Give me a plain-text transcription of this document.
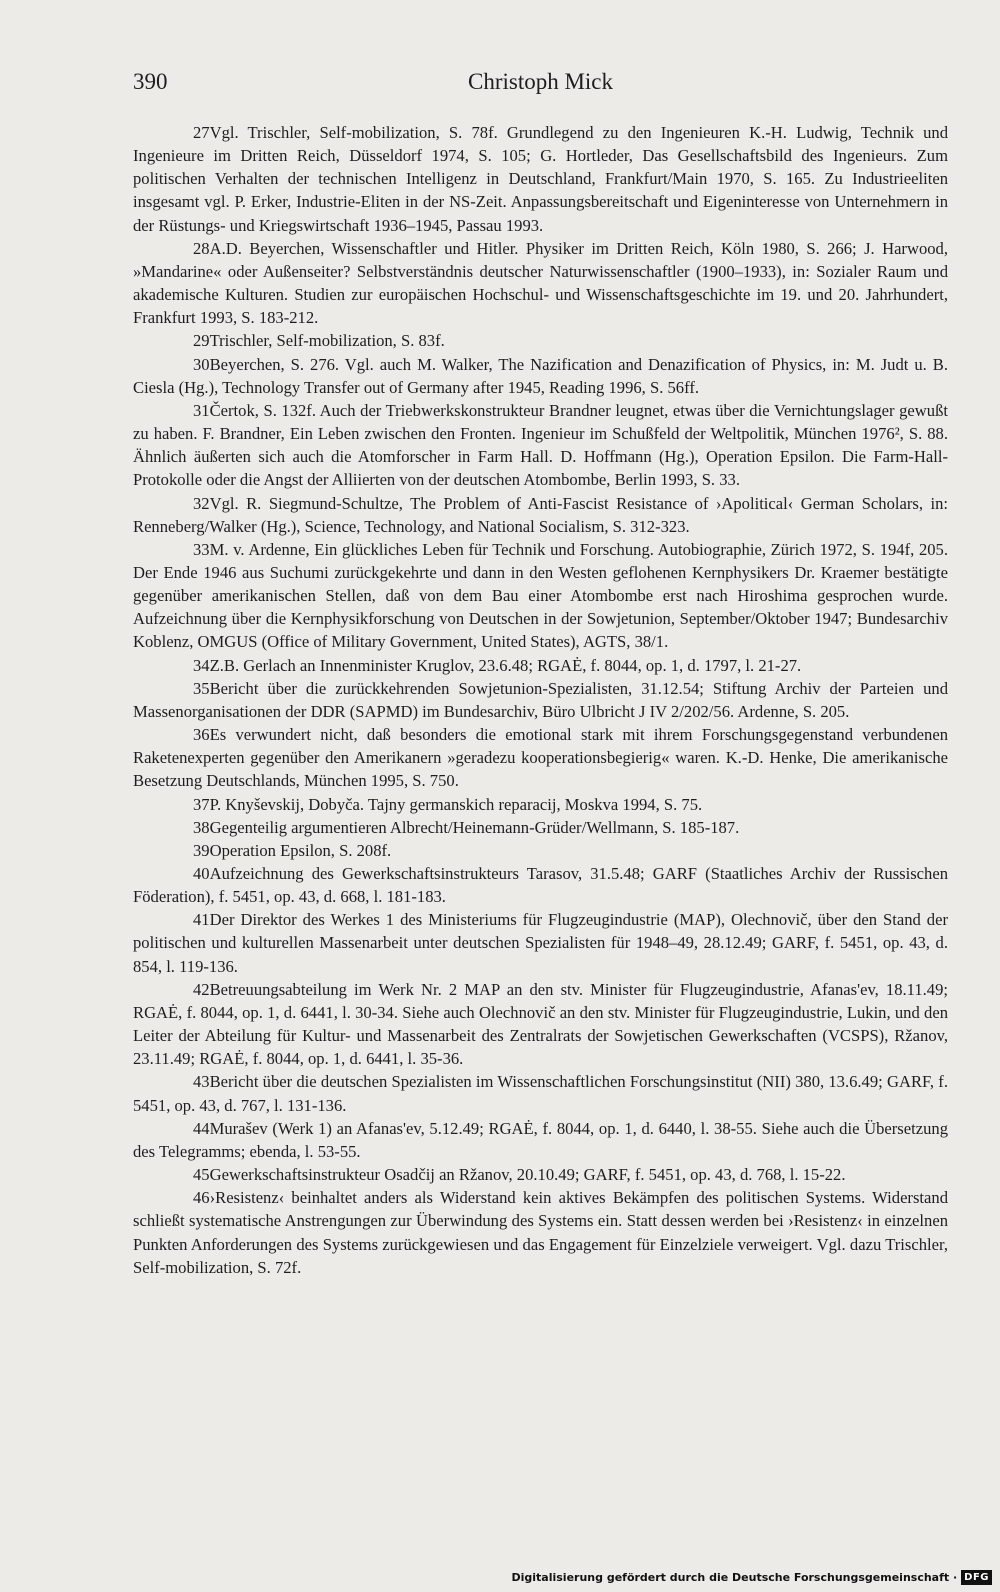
390	Christoph Mick

27Vgl. Trischler, Self-mobilization, S. 78f. Grundlegend zu den Ingenieuren K.-H. Ludwig, Technik und Ingenieure im Dritten Reich, Düsseldorf 1974, S. 105; G. Hortleder, Das Gesellschaftsbild des Ingenieurs. Zum politischen Verhalten der technischen Intelligenz in Deutschland, Frankfurt/Main 1970, S. 165. Zu Industrieeliten insgesamt vgl. P. Erker, Industrie-Eliten in der NS-Zeit. Anpassungsbereitschaft und Eigeninteresse von Unternehmern in der Rüstungs- und Kriegswirtschaft 1936–1945, Passau 1993.

28A.D. Beyerchen, Wissenschaftler und Hitler. Physiker im Dritten Reich, Köln 1980, S. 266; J. Harwood, »Mandarine« oder Außenseiter? Selbstverständnis deutscher Naturwissenschaftler (1900–1933), in: Sozialer Raum und akademische Kulturen. Studien zur europäischen Hochschul- und Wissenschaftsgeschichte im 19. und 20. Jahrhundert, Frankfurt 1993, S. 183-212.

29Trischler, Self-mobilization, S. 83f.

30Beyerchen, S. 276. Vgl. auch M. Walker, The Nazification and Denazification of Physics, in: M. Judt u. B. Ciesla (Hg.), Technology Transfer out of Germany after 1945, Reading 1996, S. 56ff.

31Čertok, S. 132f. Auch der Triebwerkskonstrukteur Brandner leugnet, etwas über die Vernichtungslager gewußt zu haben. F. Brandner, Ein Leben zwischen den Fronten. Ingenieur im Schußfeld der Weltpolitik, München 1976², S. 88. Ähnlich äußerten sich auch die Atomforscher in Farm Hall. D. Hoffmann (Hg.), Operation Epsilon. Die Farm-Hall-Protokolle oder die Angst der Alliierten von der deutschen Atombombe, Berlin 1993, S. 33.

32Vgl. R. Siegmund-Schultze, The Problem of Anti-Fascist Resistance of ›Apolitical‹ German Scholars, in: Renneberg/Walker (Hg.), Science, Technology, and National Socialism, S. 312-323.

33M. v. Ardenne, Ein glückliches Leben für Technik und Forschung. Autobiographie, Zürich 1972, S. 194f, 205. Der Ende 1946 aus Suchumi zurückgekehrte und dann in den Westen geflohenen Kernphysikers Dr. Kraemer bestätigte gegenüber amerikanischen Stellen, daß von dem Bau einer Atombombe erst nach Hiroshima gesprochen wurde. Aufzeichnung über die Kernphysikforschung von Deutschen in der Sowjetunion, September/Oktober 1947; Bundesarchiv Koblenz, OMGUS (Office of Military Government, United States), AGTS, 38/1.

34Z.B. Gerlach an Innenminister Kruglov, 23.6.48; RGAĖ, f. 8044, op. 1, d. 1797, l. 21-27.

35Bericht über die zurückkehrenden Sowjetunion-Spezialisten, 31.12.54; Stiftung Archiv der Parteien und Massenorganisationen der DDR (SAPMD) im Bundesarchiv, Büro Ulbricht J IV 2/202/56. Ardenne, S. 205.

36Es verwundert nicht, daß besonders die emotional stark mit ihrem Forschungsgegenstand verbundenen Raketenexperten gegenüber den Amerikanern »geradezu kooperationsbegierig« waren. K.-D. Henke, Die amerikanische Besetzung Deutschlands, München 1995, S. 750.

37P. Knyševskij, Dobyča. Tajny germanskich reparacij, Moskva 1994, S. 75.

38Gegenteilig argumentieren Albrecht/Heinemann-Grüder/Wellmann, S. 185-187.

39Operation Epsilon, S. 208f.

40Aufzeichnung des Gewerkschaftsinstrukteurs Tarasov, 31.5.48; GARF (Staatliches Archiv der Russischen Föderation), f. 5451, op. 43, d. 668, l. 181-183.

41Der Direktor des Werkes 1 des Ministeriums für Flugzeugindustrie (MAP), Olechnovič, über den Stand der politischen und kulturellen Massenarbeit unter deutschen Spezialisten für 1948–49, 28.12.49; GARF, f. 5451, op. 43, d. 854, l. 119-136.

42Betreuungsabteilung im Werk Nr. 2 MAP an den stv. Minister für Flugzeugindustrie, Afanas'ev, 18.11.49; RGAĖ, f. 8044, op. 1, d. 6441, l. 30-34. Siehe auch Olechnovič an den stv. Minister für Flugzeugindustrie, Lukin, und den Leiter der Abteilung für Kultur- und Massenarbeit des Zentralrats der Sowjetischen Gewerkschaften (VCSPS), Ržanov, 23.11.49; RGAĖ, f. 8044, op. 1, d. 6441, l. 35-36.

43Bericht über die deutschen Spezialisten im Wissenschaftlichen Forschungsinstitut (NII) 380, 13.6.49; GARF, f. 5451, op. 43, d. 767, l. 131-136.

44Murašev (Werk 1) an Afanas'ev, 5.12.49; RGAĖ, f. 8044, op. 1, d. 6440, l. 38-55. Siehe auch die Übersetzung des Telegramms; ebenda, l. 53-55.

45Gewerkschaftsinstrukteur Osadčij an Ržanov, 20.10.49; GARF, f. 5451, op. 43, d. 768, l. 15-22.

46›Resistenz‹ beinhaltet anders als Widerstand kein aktives Bekämpfen des politischen Systems. Widerstand schließt systematische Anstrengungen zur Überwindung des Systems ein. Statt dessen werden bei ›Resistenz‹ in einzelnen Punkten Anforderungen des Systems zurückgewiesen und das Engagement für Einzelziele verweigert. Vgl. dazu Trischler, Self-mobilization, S. 72f.

Digitalisierung gefördert durch die Deutsche Forschungsgemeinschaft · DFG
